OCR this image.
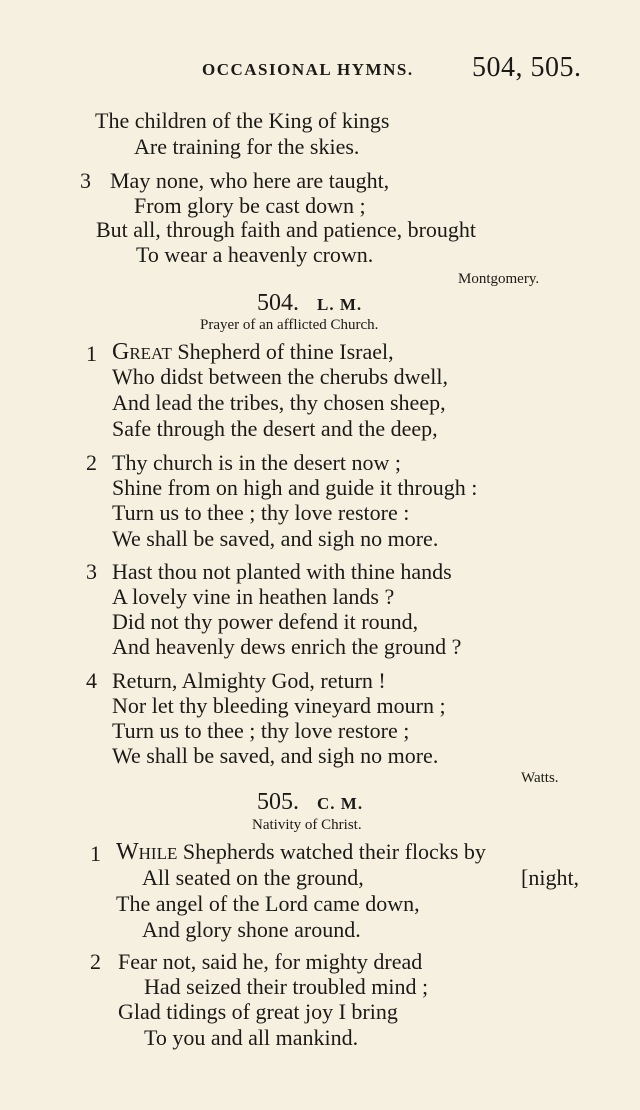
OCCASIONAL HYMNS. 504, 505.
The children of the King of kings
Are training for the skies.
3 May none, who here are taught,
From glory be cast down ;
But all, through faith and patience, brought
To wear a heavenly crown.
Montgomery.
504. L. M.
Prayer of an afflicted Church.
1 Great Shepherd of thine Israel,
Who didst between the cherubs dwell,
And lead the tribes, thy chosen sheep,
Safe through the desert and the deep,
2 Thy church is in the desert now ;
Shine from on high and guide it through :
Turn us to thee ; thy love restore :
We shall be saved, and sigh no more.
3 Hast thou not planted with thine hands
A lovely vine in heathen lands ?
Did not thy power defend it round,
And heavenly dews enrich the ground ?
4 Return, Almighty God, return !
Nor let thy bleeding vineyard mourn ;
Turn us to thee ; thy love restore ;
We shall be saved, and sigh no more.
Watts.
505. C. M.
Nativity of Christ.
1 While Shepherds watched their flocks by
All seated on the ground,	[night,
The angel of the Lord came down,
And glory shone around.
2 Fear not, said he, for mighty dread
Had seized their troubled mind ;
Glad tidings of great joy I bring
To you and all mankind.
